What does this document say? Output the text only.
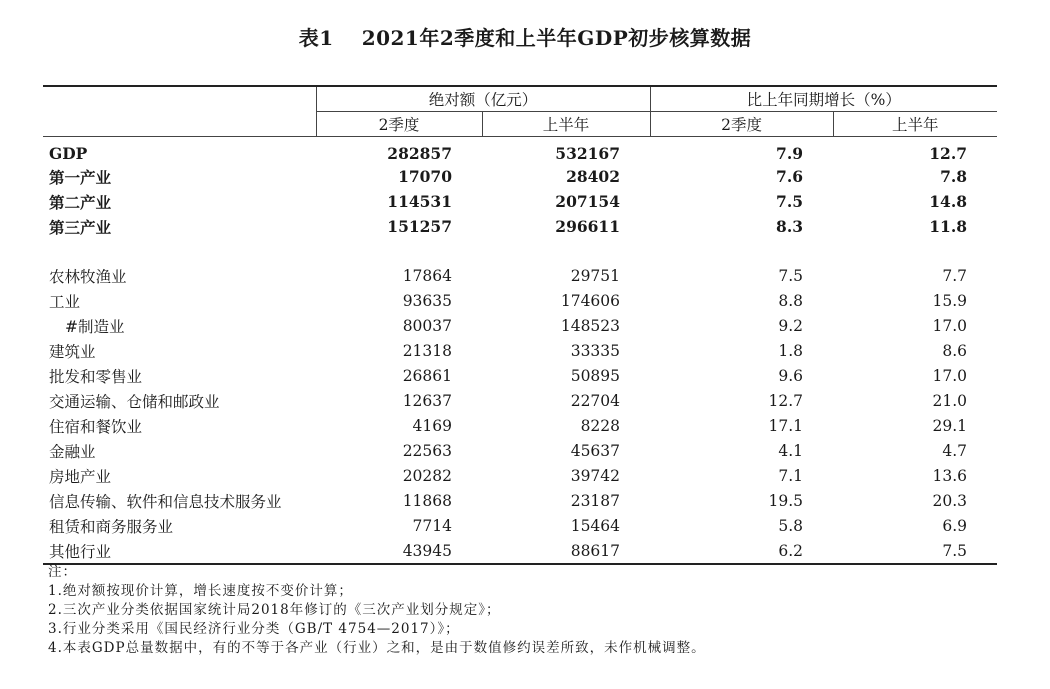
表1 2021年2季度和上半年GDP初步核算数据
	绝对额（亿元）		比上年同期增长（%）	
	2季度	上半年	2季度	上半年
GDP	282857	532167	7.9	12.7
第一产业	17070	28402	7.6	7.8
第二产业	114531	207154	7.5	14.8
第三产业	151257	296611	8.3	11.8

农林牧渔业	17864	29751	7.5	7.7
工业	93635	174606	8.8	15.9
#制造业	80037	148523	9.2	17.0
建筑业	21318	33335	1.8	8.6
批发和零售业	26861	50895	9.6	17.0
交通运输、仓储和邮政业	12637	22704	12.7	21.0
住宿和餐饮业	4169	8228	17.1	29.1
金融业	22563	45637	4.1	4.7
房地产业	20282	39742	7.1	13.6
信息传输、软件和信息技术服务业	11868	23187	19.5	20.3
租赁和商务服务业	7714	15464	5.8	6.9
其他行业	43945	88617	6.2	7.5
注：
1.绝对额按现价计算，增长速度按不变价计算；
2.三次产业分类依据国家统计局2018年修订的《三次产业划分规定》；
3.行业分类采用《国民经济行业分类（GB/T 4754—2017）》；
4.本表GDP总量数据中，有的不等于各产业（行业）之和，是由于数值修约误差所致，未作机械调整。
